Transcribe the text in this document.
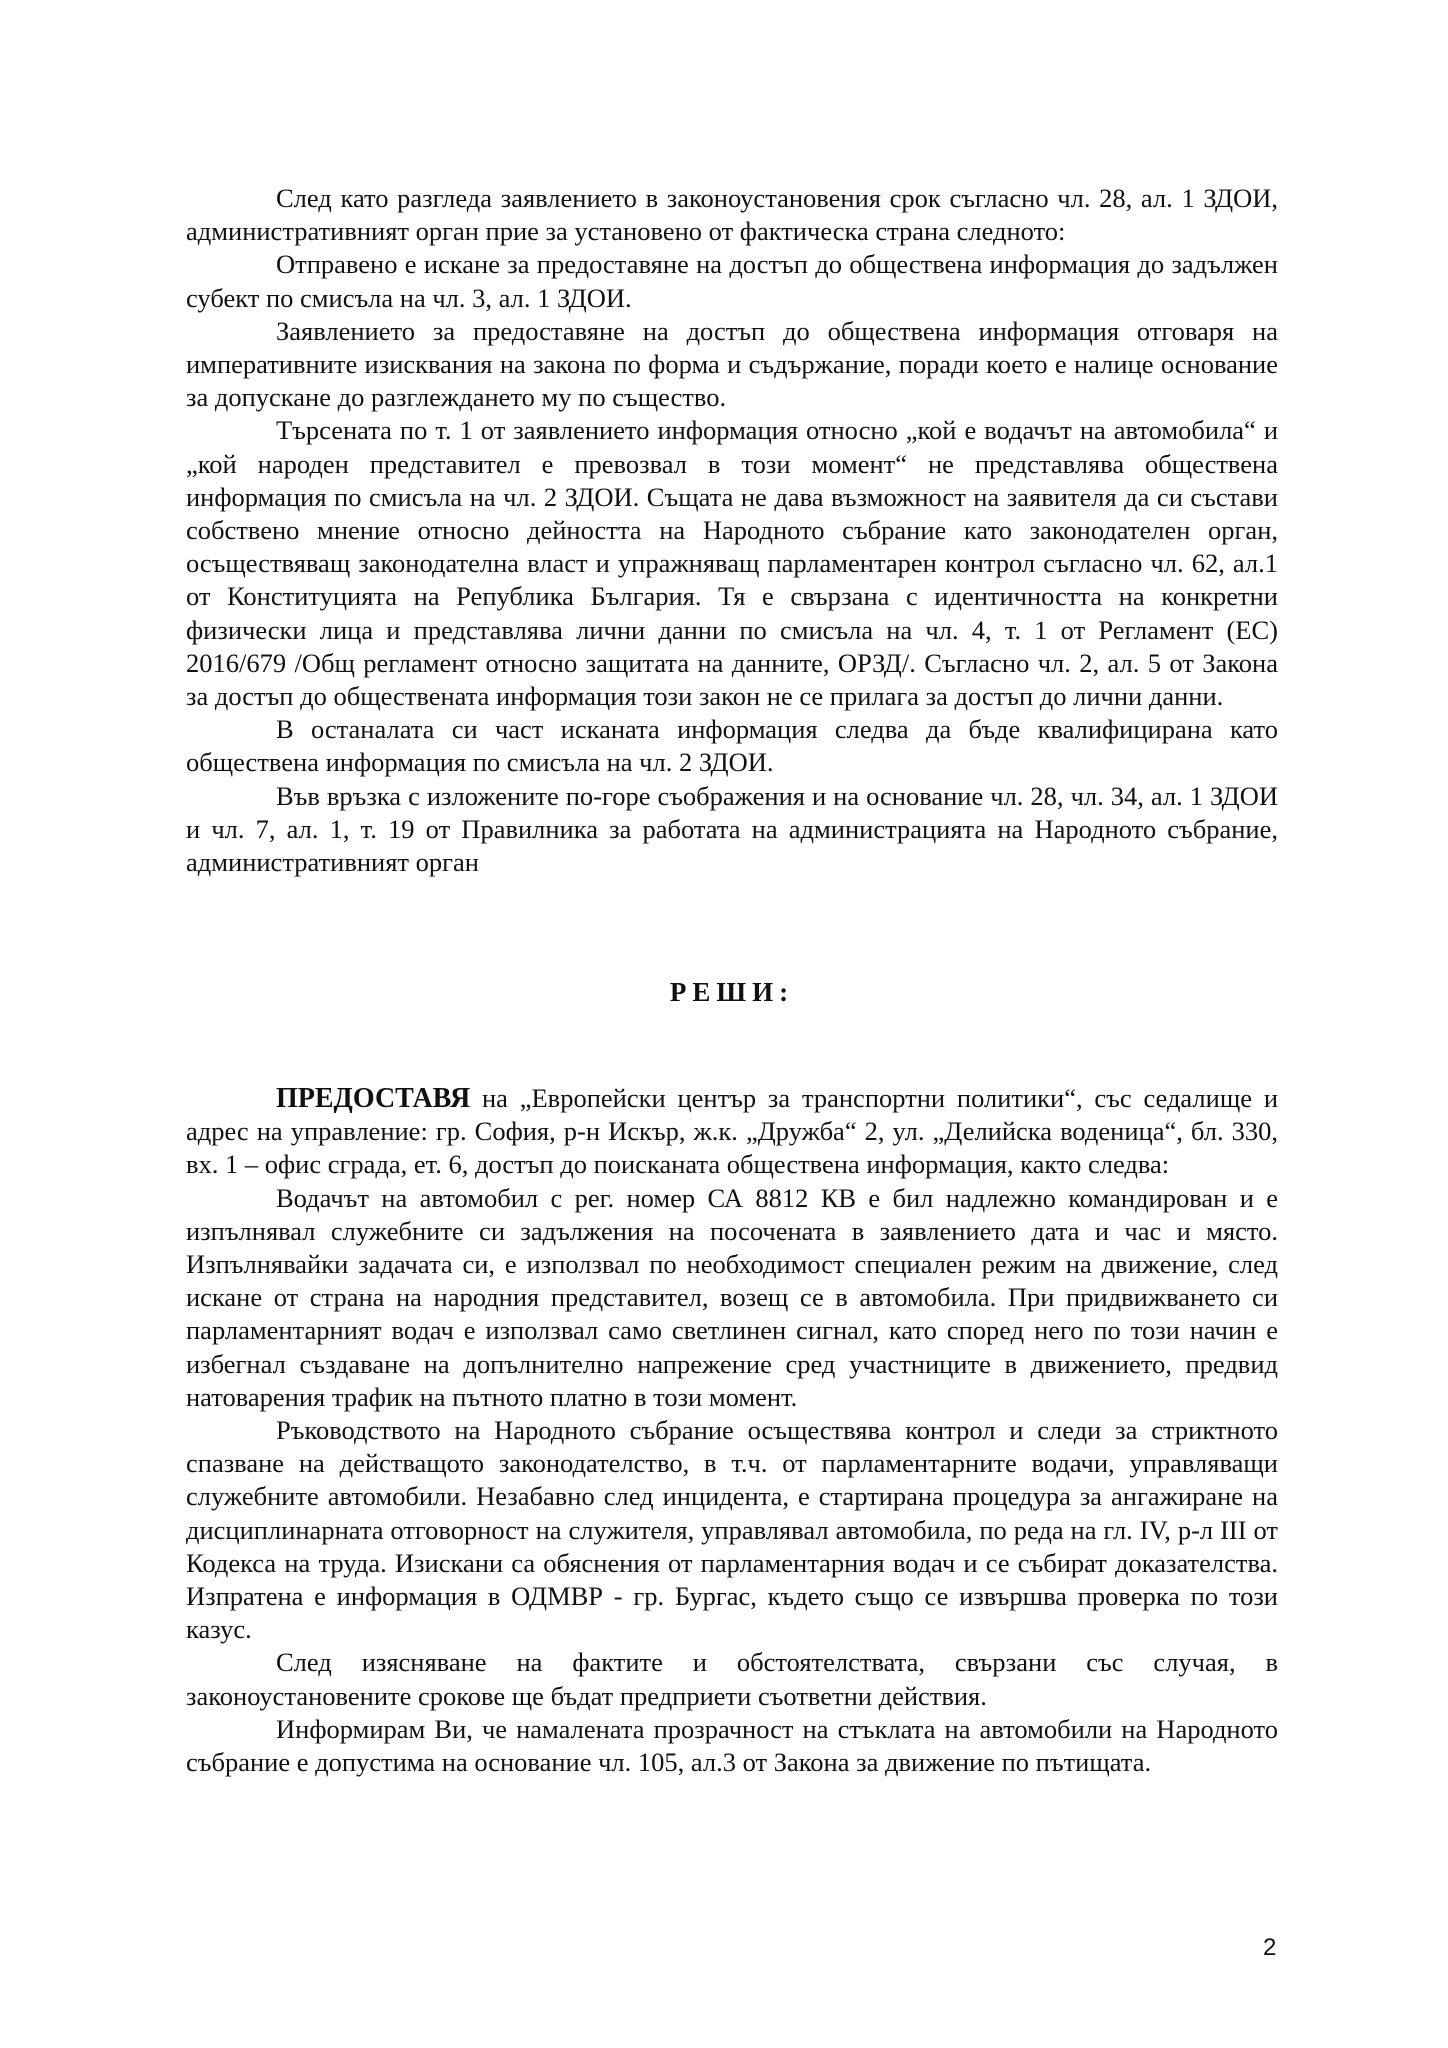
След като разгледа заявлението в законоустановения срок съгласно чл. 28, ал. 1 ЗДОИ, административният орган прие за установено от фактическа страна следното:

Отправено е искане за предоставяне на достъп до обществена информация до задължен субект по смисъла на чл. 3, ал. 1 ЗДОИ.

Заявлението за предоставяне на достъп до обществена информация отговаря на императивните изисквания на закона по форма и съдържание, поради което е налице основание за допускане до разглеждането му по същество.

Търсената по т. 1 от заявлението информация относно „кой е водачът на автомобила“ и „кой народен представител е превозвал в този момент“ не представлява обществена информация по смисъла на чл. 2 ЗДОИ. Същата не дава възможност на заявителя да си състави собствено мнение относно дейността на Народното събрание като законодателен орган, осъществяващ законодателна власт и упражняващ парламентарен контрол съгласно чл. 62, ал.1 от Конституцията на Република България. Тя е свързана с идентичността на конкретни физически лица и представлява лични данни по смисъла на чл. 4, т. 1 от Регламент (ЕС) 2016/679 /Общ регламент относно защитата на данните, ОРЗД/. Съгласно чл. 2, ал. 5 от Закона за достъп до обществената информация този закон не се прилага за достъп до лични данни.

В останалата си част исканата информация следва да бъде квалифицирана като обществена информация по смисъла на чл. 2 ЗДОИ.

Във връзка с изложените по-горе съображения и на основание чл. 28, чл. 34, ал. 1 ЗДОИ и чл. 7, ал. 1, т. 19 от Правилника за работата на администрацията на Народното събрание, административният орган

РЕШИ:

ПРЕДОСТАВЯ на „Европейски център за транспортни политики“, със седалище и адрес на управление: гр. София, р-н Искър, ж.к. „Дружба“ 2, ул. „Делийска воденица“, бл. 330, вх. 1 – офис сграда, ет. 6, достъп до поисканата обществена информация, както следва:

Водачът на автомобил с рег. номер СА 8812 КВ е бил надлежно командирован и е изпълнявал служебните си задължения на посочената в заявлението дата и час и място. Изпълнявайки задачата си, е използвал по необходимост специален режим на движение, след искане от страна на народния представител, возещ се в автомобила. При придвижването си парламентарният водач е използвал само светлинен сигнал, като според него по този начин е избегнал създаване на допълнително напрежение сред участниците в движението, предвид натоварения трафик на пътното платно в този момент.

Ръководството на Народното събрание осъществява контрол и следи за стриктното спазване на действащото законодателство, в т.ч. от парламентарните водачи, управляващи служебните автомобили. Незабавно след инцидента, е стартирана процедура за ангажиране на дисциплинарната отговорност на служителя, управлявал автомобила, по реда на гл. IV, р-л III от Кодекса на труда. Изискани са обяснения от парламентарния водач и се събират доказателства. Изпратена е информация в ОДМВР - гр. Бургас, където също се извършва проверка по този казус.

След изясняване на фактите и обстоятелствата, свързани със случая, в законоустановените срокове ще бъдат предприети съответни действия.

Информирам Ви, че намалената прозрачност на стъклата на автомобили на Народното събрание е допустима на основание чл. 105, ал.3 от Закона за движение по пътищата.

2
